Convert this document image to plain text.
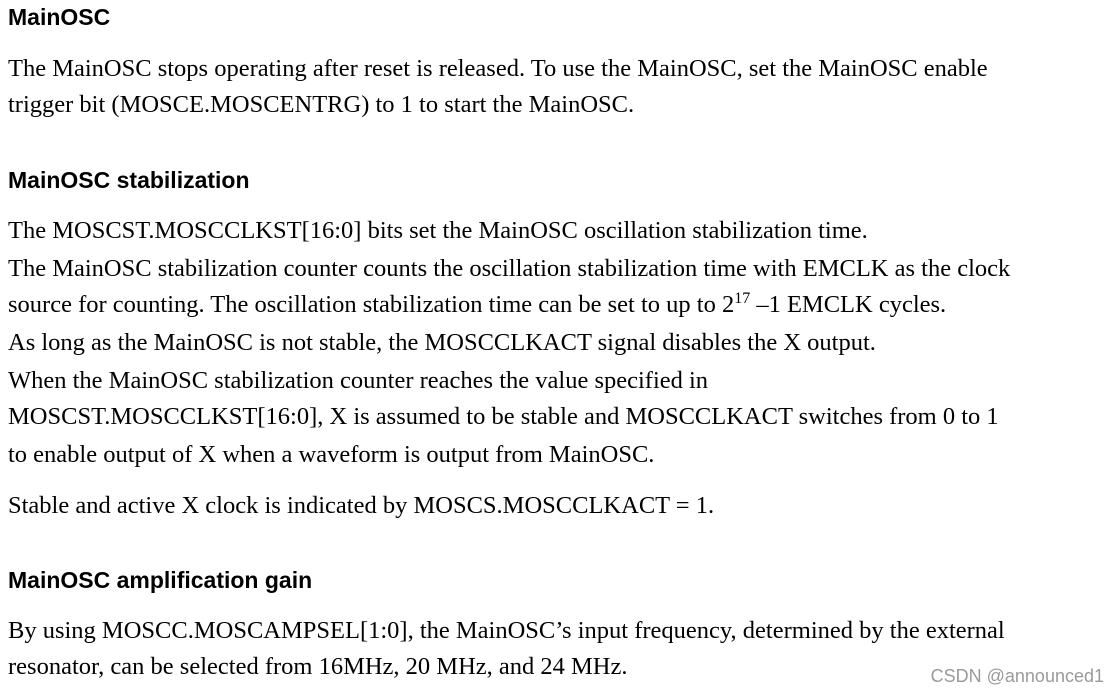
MainOSC
The MainOSC stops operating after reset is released. To use the MainOSC, set the MainOSC enable
trigger bit (MOSCE.MOSCENTRG) to 1 to start the MainOSC.
MainOSC stabilization
The MOSCST.MOSCCLKST[16:0] bits set the MainOSC oscillation stabilization time.
The MainOSC stabilization counter counts the oscillation stabilization time with EMCLK as the clock
source for counting. The oscillation stabilization time can be set to up to $2^{17}$ –1 EMCLK cycles.
As long as the MainOSC is not stable, the MOSCCLKACT signal disables the X output.
When the MainOSC stabilization counter reaches the value specified in
MOSCST.MOSCCLKST[16:0], X is assumed to be stable and MOSCCLKACT switches from 0 to 1
to enable output of X when a waveform is output from MainOSC.
Stable and active X clock is indicated by MOSCS.MOSCCLKACT = 1.
MainOSC amplification gain
By using MOSCC.MOSCAMPSEL[1:0], the MainOSC’s input frequency, determined by the external
resonator, can be selected from 16MHz, 20 MHz, and 24 MHz.	CSDN @announced1
